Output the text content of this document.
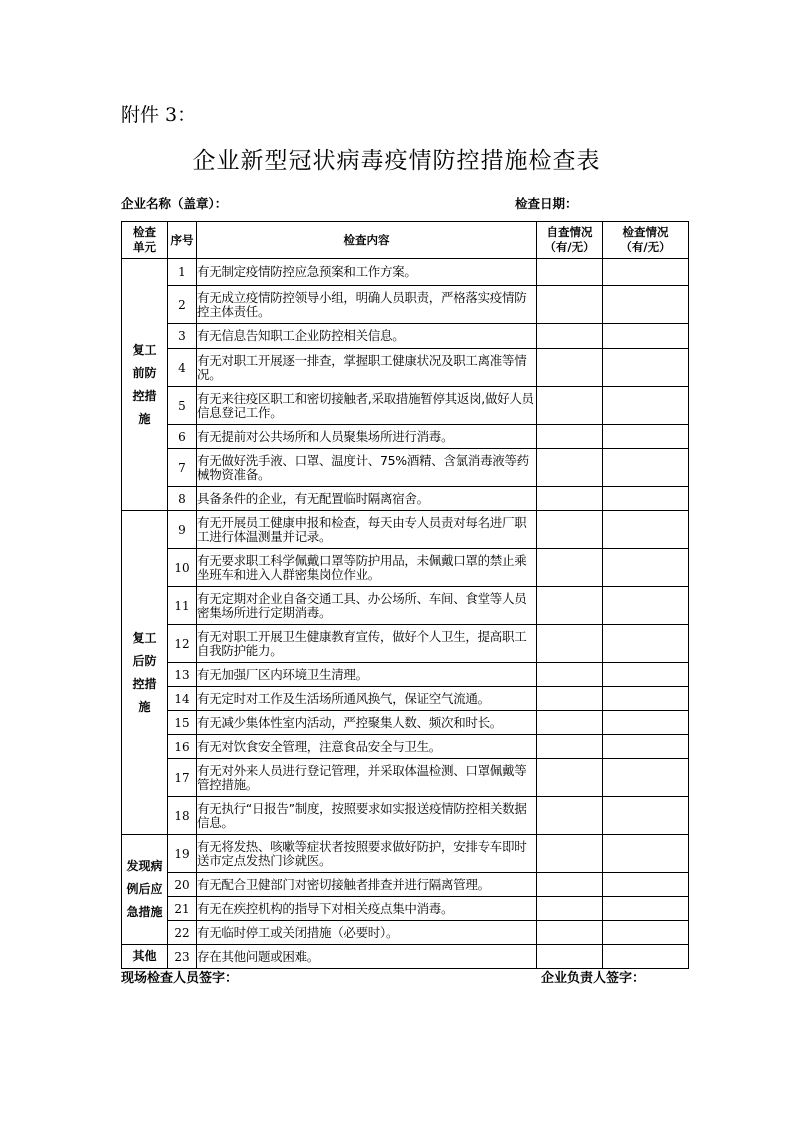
附件 3：
企业新型冠状病毒疫情防控措施检查表
企业名称（盖章）：	检查日期：
检查单元	序号	检查内容	自查情况（有/无）	检查情况（有/无）
复工前防控措施	1	有无制定疫情防控应急预案和工作方案。		
	2	有无成立疫情防控领导小组，明确人员职责，严格落实疫情防控主体责任。		
	3	有无信息告知职工企业防控相关信息。		
	4	有无对职工开展逐一排查，掌握职工健康状况及职工离准等情况。		
	5	有无来往疫区职工和密切接触者,采取措施暂停其返岗,做好人员信息登记工作。		
	6	有无提前对公共场所和人员聚集场所进行消毒。		
	7	有无做好洗手液、口罩、温度计、75%酒精、含氯消毒液等药械物资准备。		
	8	具备条件的企业，有无配置临时隔离宿舍。		
复工后防控措施	9	有无开展员工健康申报和检查，每天由专人员责对每名进厂职工进行体温测量并记录。		
	10	有无要求职工科学佩戴口罩等防护用品，未佩戴口罩的禁止乘坐班车和进入人群密集岗位作业。		
	11	有无定期对企业自备交通工具、办公场所、车间、食堂等人员密集场所进行定期消毒。		
	12	有无对职工开展卫生健康教育宣传，做好个人卫生，提高职工自我防护能力。		
	13	有无加强厂区内环境卫生清理。		
	14	有无定时对工作及生活场所通风换气，保证空气流通。		
	15	有无减少集体性室内活动，严控聚集人数、频次和时长。		
	16	有无对饮食安全管理，注意食品安全与卫生。		
	17	有无对外来人员进行登记管理，并采取体温检测、口罩佩戴等管控措施。		
	18	有无执行“日报告”制度，按照要求如实报送疫情防控相关数据信息。		
发现病例后应急措施	19	有无将发热、咳嗽等症状者按照要求做好防护，安排专车即时送市定点发热门诊就医。		
	20	有无配合卫健部门对密切接触者排查并进行隔离管理。		
	21	有无在疾控机构的指导下对相关疫点集中消毒。		
	22	有无临时停工或关闭措施（必要时）。		
其他	23	存在其他问题或困难。		
现场检查人员签字：	企业负责人签字：
